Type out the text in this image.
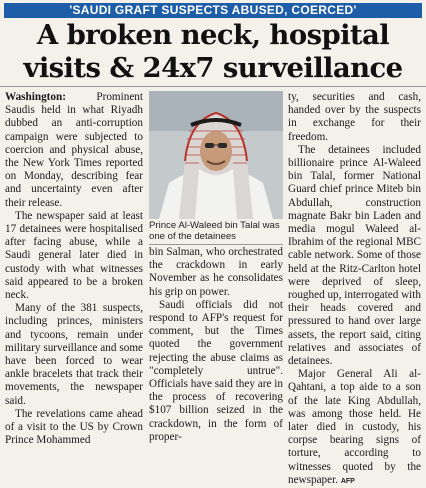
'SAUDI GRAFT SUSPECTS ABUSED, COERCED'
A broken neck, hospital
visits & 24x7 surveillance

Washington:	Prominent Saudis held in what Riyadh dubbed an anti-corruption campaign were subjected to coercion and physical abuse, the New York Times reported on Monday, describing fear and uncertainty even after their release.

The newspaper said at least 17 detainees were hospitalised after facing abuse, while a Saudi general later died in custody with what witnesses said appeared to be a broken neck.

Many of the 381 suspects, including princes, ministers and tycoons, remain under military surveillance and some have been forced to wear ankle bracelets that track their movements, the newspaper said.

The revelations came ahead of a visit to the US by Crown Prince Mohammed

Prince Al-Waleed bin Talal was one of the detainees

bin Salman, who orchestrated the crackdown in early November as he consolidates his grip on power.

Saudi officials did not respond to AFP's request for comment, but the Times quoted the government rejecting the abuse claims as "completely untrue". Officials have said they are in the process of recovering $107 billion seized in the crackdown, in the form of proper-

ty, securities and cash, handed over by the suspects in exchange for their freedom.

The detainees included billionaire prince Al-Waleed bin Talal, former National Guard chief prince Miteb bin Abdullah, construction magnate Bakr bin Laden and media mogul Waleed al-Ibrahim of the regional MBC cable network. Some of those held at the Ritz-Carlton hotel were deprived of sleep, roughed up, interrogated with their heads covered and pressured to hand over large assets, the report said, citing relatives and associates of detainees.

Major General Ali al-Qahtani, a top aide to a son of the late King Abdullah, was among those held. He later died in custody, his corpse bearing signs of torture, according to witnesses quoted by the newspaper. AFP
